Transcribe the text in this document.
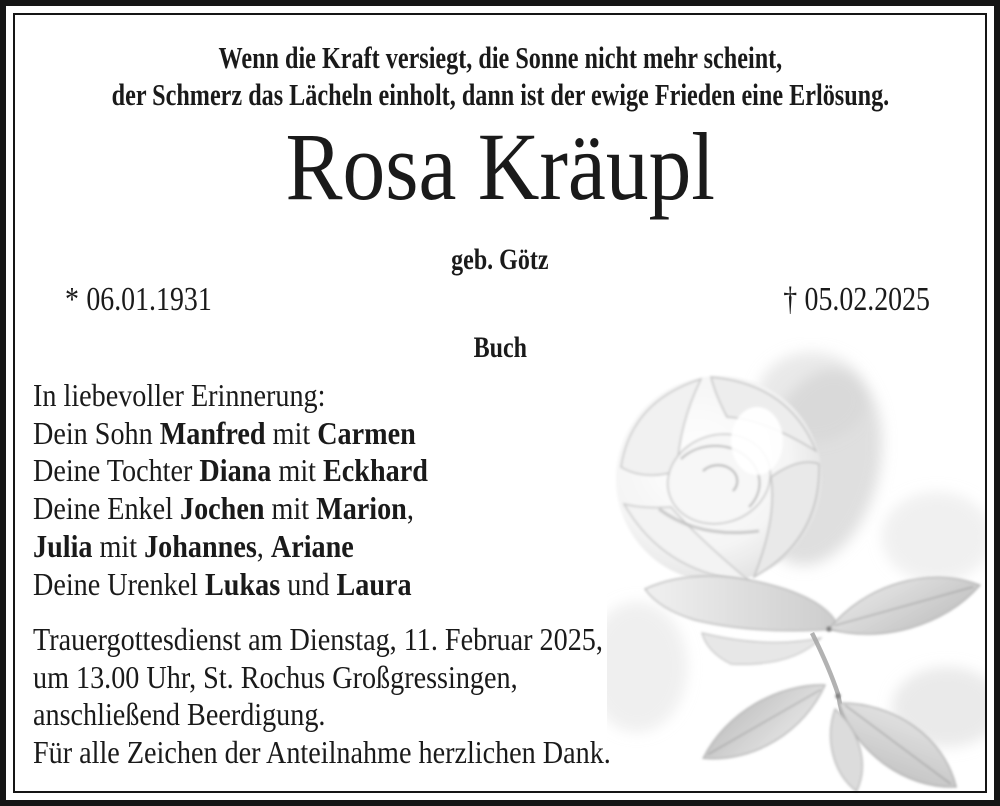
Wenn die Kraft versiegt, die Sonne nicht mehr scheint,
der Schmerz das Lächeln einholt, dann ist der ewige Frieden eine Erlösung.
Rosa Kräupl
geb. Götz
* 06.01.1931	† 05.02.2025
Buch
In liebevoller Erinnerung:
Dein Sohn Manfred mit Carmen
Deine Tochter Diana mit Eckhard
Deine Enkel Jochen mit Marion,
Julia mit Johannes, Ariane
Deine Urenkel Lukas und Laura
Trauergottesdienst am Dienstag, 11. Februar 2025,
um 13.00 Uhr, St. Rochus Großgressingen,
anschließend Beerdigung.
Für alle Zeichen der Anteilnahme herzlichen Dank.
